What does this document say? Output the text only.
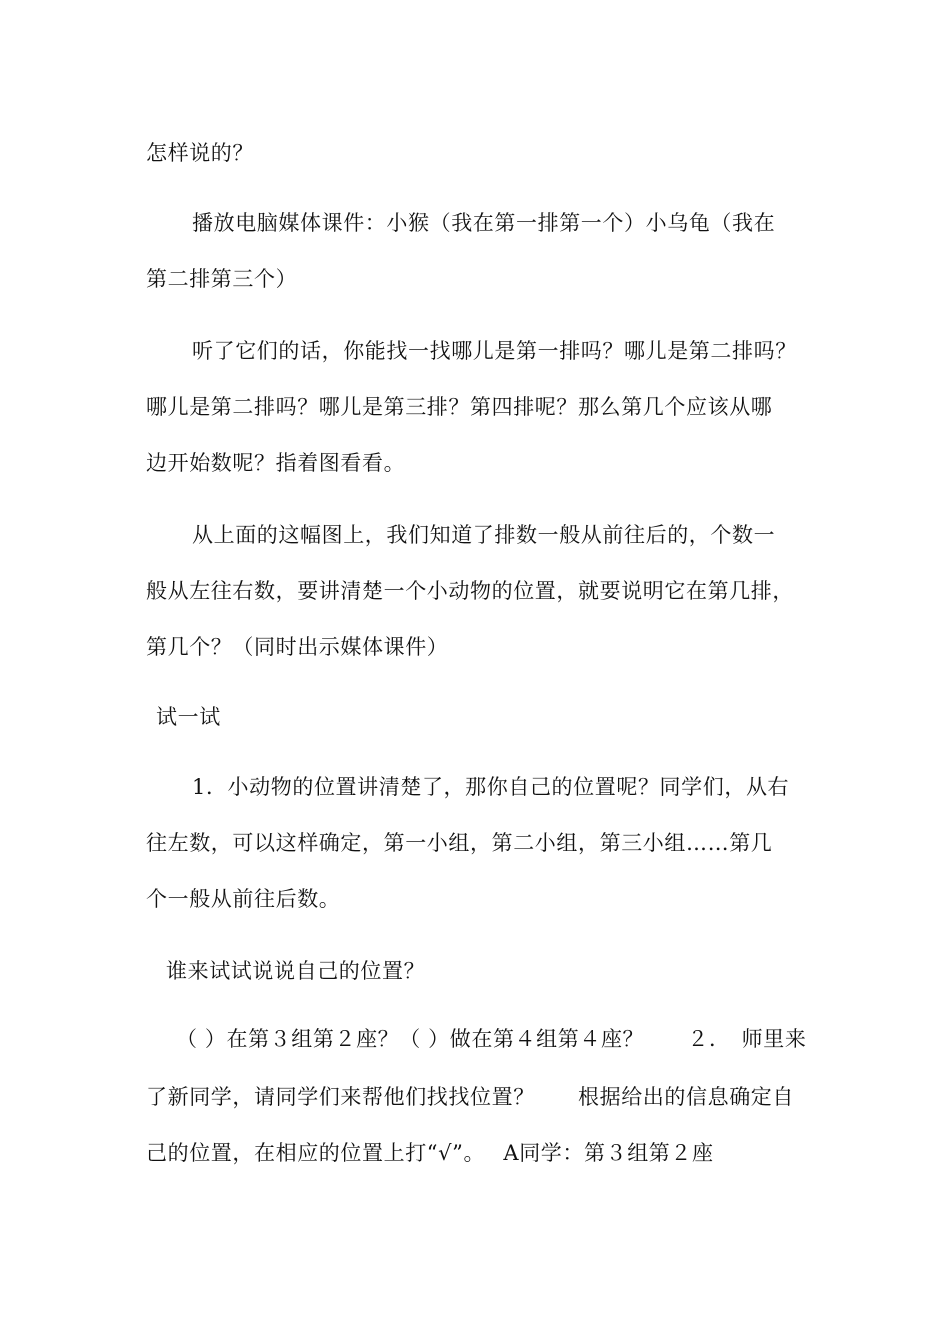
怎样说的？
播放电脑媒体课件：小猴（我在第一排第一个）小乌龟（我在
第二排第三个）
听了它们的话，你能找一找哪儿是第一排吗？哪儿是第二排吗？
哪儿是第二排吗？哪儿是第三排？第四排呢？那么第几个应该从哪
边开始数呢？指着图看看。
从上面的这幅图上，我们知道了排数一般从前往后的，个数一
般从左往右数，要讲清楚一个小动物的位置，就要说明它在第几排，
第几个？（同时出示媒体课件）
试一试
1．小动物的位置讲清楚了，那你自己的位置呢？同学们，从右
往左数，可以这样确定，第一小组，第二小组，第三小组……第几
个一般从前往后数。
谁来试试说说自己的位置？
（ ）在第３组第２座？（ ）做在第４组第４座？　　２．　师里来
了新同学，请同学们来帮他们找找位置？　　根据给出的信息确定自
己的位置，在相应的位置上打“√”。　 A同学：第３组第２座
